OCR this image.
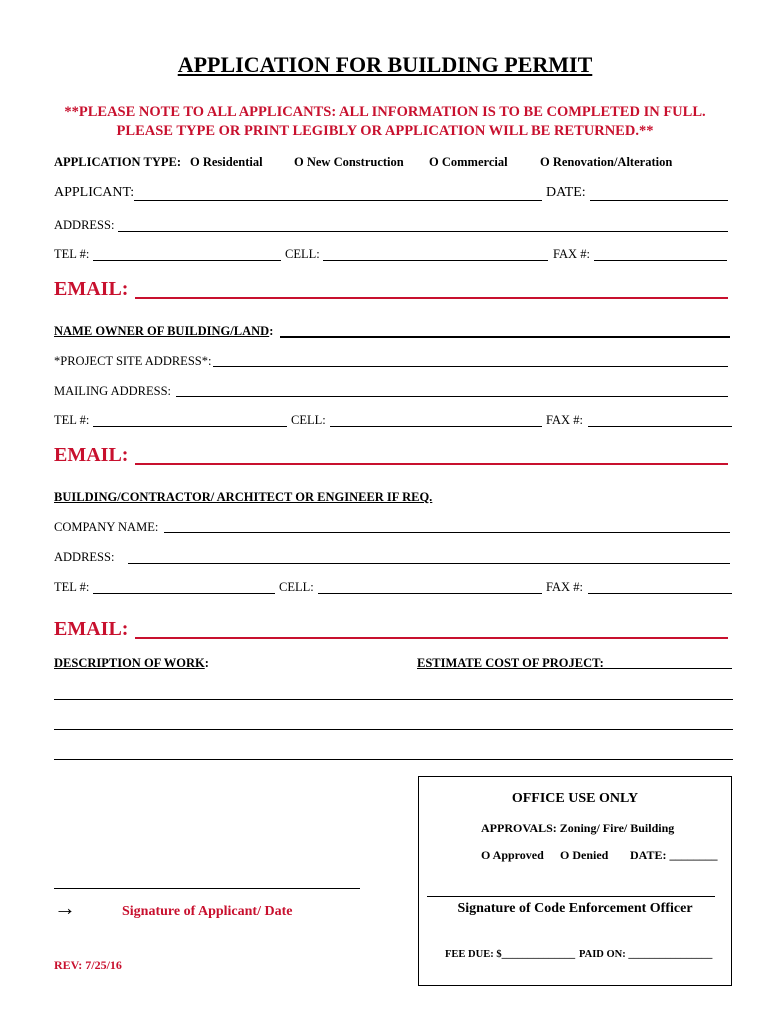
APPLICATION FOR BUILDING PERMIT
**PLEASE NOTE TO ALL APPLICANTS: ALL INFORMATION IS TO BE COMPLETED IN FULL.
PLEASE TYPE OR PRINT LEGIBLY OR APPLICATION WILL BE RETURNED.**
APPLICATION TYPE: O Residential	O New Construction O Commercial	O Renovation/Alteration
APPLICANT:	DATE:
ADDRESS:
TEL #:	CELL:	FAX #:
EMAIL:
NAME OWNER OF BUILDING/LAND:
*PROJECT SITE ADDRESS*:
MAILING ADDRESS:
TEL #:	CELL:	FAX #:
EMAIL:
BUILDING/CONTRACTOR/ ARCHITECT OR ENGINEER IF REQ.
COMPANY NAME:
ADDRESS:
TEL #:	CELL:	FAX #:
EMAIL:
DESCRIPTION OF WORK:	ESTIMATE COST OF PROJECT:
OFFICE USE ONLY
APPROVALS: Zoning/ Fire/ Building
O Approved O Denied DATE: ________
Signature of Code Enforcement Officer
FEE DUE: $______________ PAID ON: ________________
→	Signature of Applicant/ Date
REV: 7/25/16
